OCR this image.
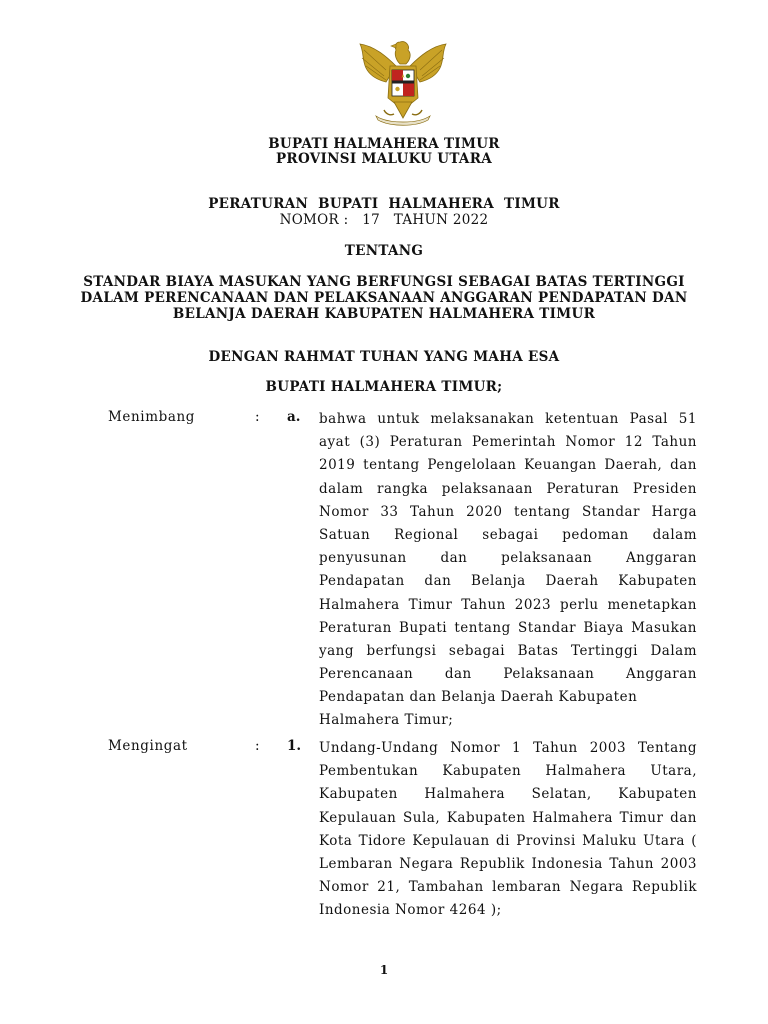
BUPATI HALMAHERA TIMUR
PROVINSI MALUKU UTARA
PERATURAN  BUPATI  HALMAHERA  TIMUR
NOMOR :   17   TAHUN 2022
TENTANG
STANDAR BIAYA MASUKAN YANG BERFUNGSI SEBAGAI BATAS TERTINGGI
DALAM PERENCANAAN DAN PELAKSANAAN ANGGARAN PENDAPATAN DAN
BELANJA DAERAH KABUPATEN HALMAHERA TIMUR
DENGAN RAHMAT TUHAN YANG MAHA ESA
BUPATI HALMAHERA TIMUR;
Menimbang	: a. bahwa untuk melaksanakan ketentuan Pasal 51
ayat (3) Peraturan Pemerintah Nomor 12 Tahun
2019 tentang Pengelolaan Keuangan Daerah, dan
dalam rangka pelaksanaan Peraturan Presiden
Nomor 33 Tahun 2020 tentang Standar Harga
Satuan Regional sebagai pedoman dalam
penyusunan dan pelaksanaan Anggaran
Pendapatan dan Belanja Daerah Kabupaten
Halmahera Timur Tahun 2023 perlu menetapkan
Peraturan Bupati tentang Standar Biaya Masukan
yang berfungsi sebagai Batas Tertinggi Dalam
Perencanaan dan Pelaksanaan Anggaran
Pendapatan dan Belanja Daerah Kabupaten
Halmahera Timur;
Mengingat	: 1. Undang-Undang Nomor 1 Tahun 2003 Tentang
Pembentukan Kabupaten Halmahera Utara,
Kabupaten Halmahera Selatan, Kabupaten
Kepulauan Sula, Kabupaten Halmahera Timur dan
Kota Tidore Kepulauan di Provinsi Maluku Utara (
Lembaran Negara Republik Indonesia Tahun 2003
Nomor 21, Tambahan lembaran Negara Republik
Indonesia Nomor 4264 );
1
